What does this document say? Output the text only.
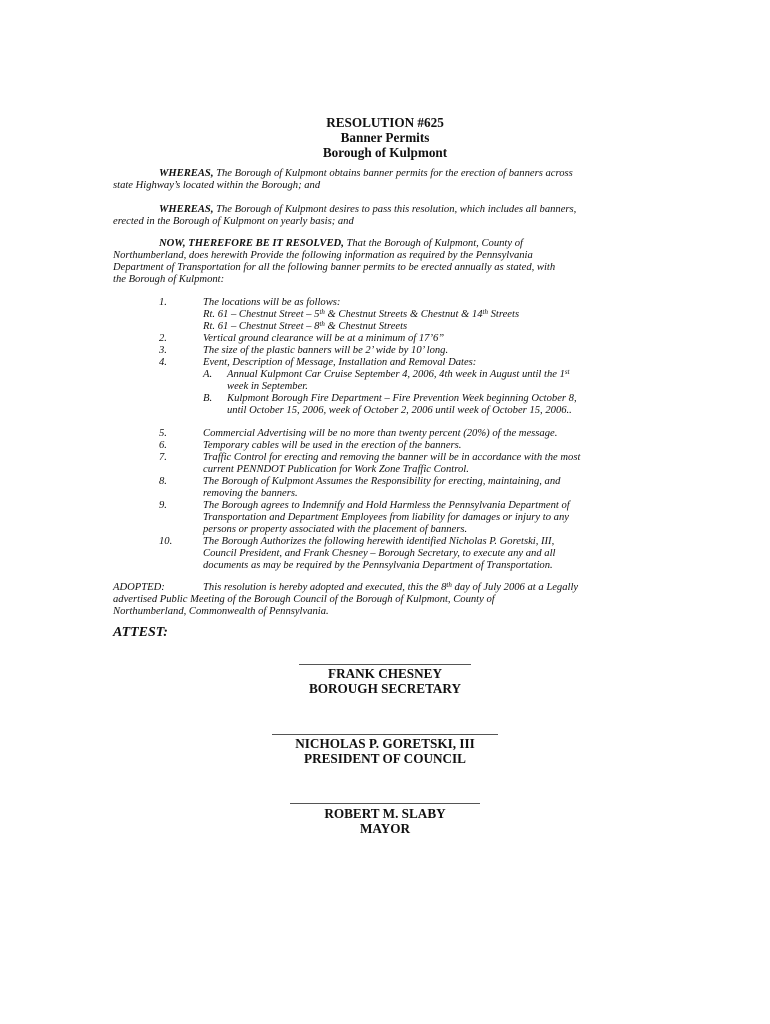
RESOLUTION #625
Banner Permits
Borough of Kulpmont
WHEREAS, The Borough of Kulpmont obtains banner permits for the erection of banners across
state Highway’s located within the Borough; and
WHEREAS, The Borough of Kulpmont desires to pass this resolution, which includes all banners,
erected in the Borough of Kulpmont on yearly basis; and
NOW, THEREFORE BE IT RESOLVED, That the Borough of Kulpmont, County of
Northumberland, does herewith Provide the following information as required by the Pennsylvania
Department of Transportation for all the following banner permits to be erected annually as stated, with
the Borough of Kulpmont:
1.	The locations will be as follows:
Rt. 61 – Chestnut Street – 5th & Chestnut Streets & Chestnut & 14th Streets
Rt. 61 – Chestnut Street – 8th & Chestnut Streets
2.	Vertical ground clearance will be at a minimum of 17’6”
3.	The size of the plastic banners will be 2’ wide by 10’ long.
4.	Event, Description of Message, Installation and Removal Dates:
A. Annual Kulpmont Car Cruise September 4, 2006, 4th week in August until the 1st
week in September.
B. Kulpmont Borough Fire Department – Fire Prevention Week beginning October 8,
until October 15, 2006, week of October 2, 2006 until week of October 15, 2006..
5.	Commercial Advertising will be no more than twenty percent (20%) of the message.
6.	Temporary cables will be used in the erection of the banners.
7.	Traffic Control for erecting and removing the banner will be in accordance with the most
current PENNDOT Publication for Work Zone Traffic Control.
8.	The Borough of Kulpmont Assumes the Responsibility for erecting, maintaining, and
removing the banners.
9.	The Borough agrees to Indemnify and Hold Harmless the Pennsylvania Department of
Transportation and Department Employees from liability for damages or injury to any
persons or property associated with the placement of banners.
10.	The Borough Authorizes the following herewith identified Nicholas P. Goretski, III,
Council President, and Frank Chesney – Borough Secretary, to execute any and all
documents as may be required by the Pennsylvania Department of Transportation.
ADOPTED:	This resolution is hereby adopted and executed, this the 8th day of July 2006 at a Legally
advertised Public Meeting of the Borough Council of the Borough of Kulpmont, County of
Northumberland, Commonwealth of Pennsylvania.
ATTEST:
FRANK CHESNEY
BOROUGH SECRETARY
NICHOLAS P. GORETSKI, III
PRESIDENT OF COUNCIL
ROBERT M. SLABY
MAYOR
